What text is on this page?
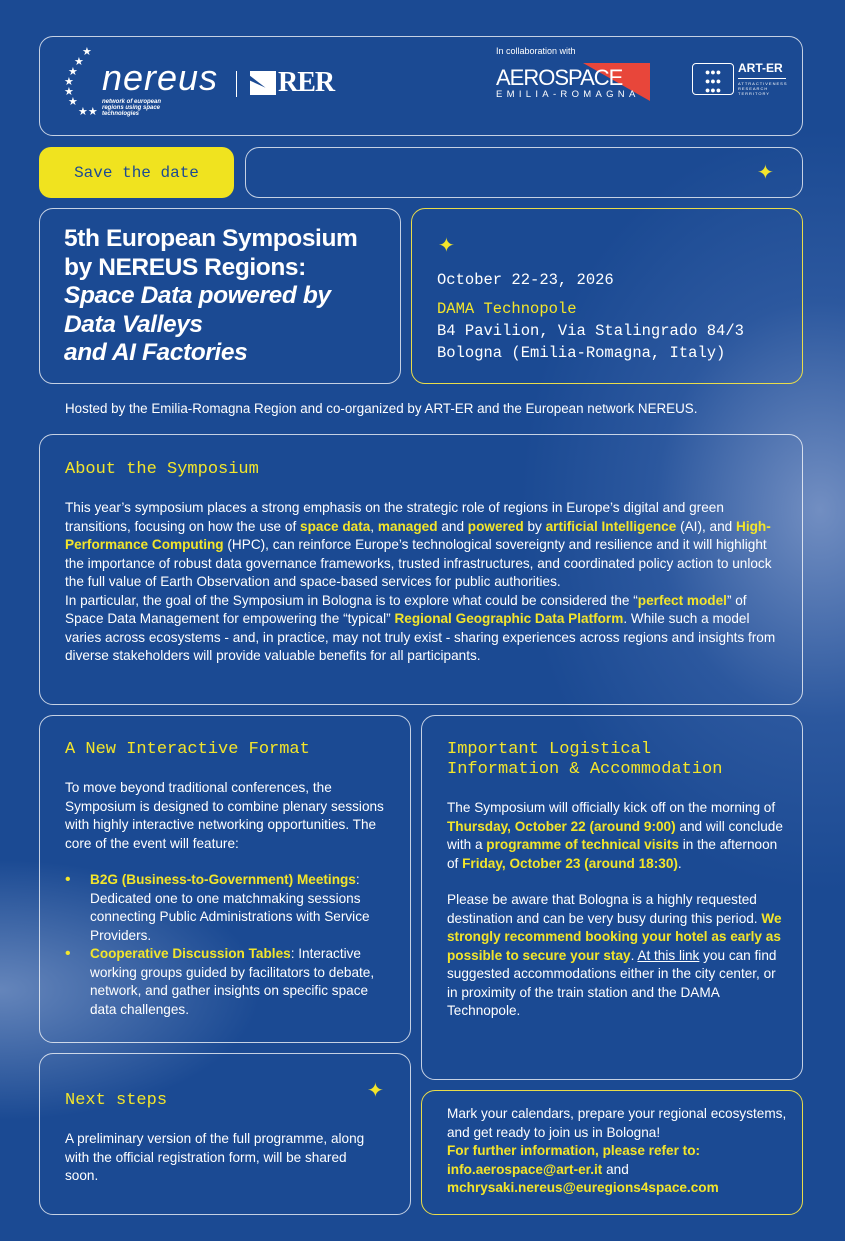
★
★
★
★
★
★
★★
nereus
network of european regions using space technologies
RER
In collaboration with
AEROSPACE
EMILIA-ROMAGNA
●●●
●●●
●●●
ART-ER
ATTRACTIVENESS RESEARCH TERRITORY
Save the date	✦
5th European Symposium
by NEREUS Regions:
Space Data powered by
Data Valleys
and AI Factories
✦
October 22-23, 2026
DAMA Technopole
B4 Pavilion, Via Stalingrado 84/3
Bologna (Emilia-Romagna, Italy)
Hosted by the Emilia-Romagna Region and co-organized by ART-ER and the European network NEREUS.
About the Symposium
This year’s symposium places a strong emphasis on the strategic role of regions in Europe’s digital and green transitions, focusing on how the use of space data, managed and powered by artificial Intelligence (AI), and High-Performance Computing (HPC), can reinforce Europe’s technological sovereignty and resilience and it will highlight the importance of robust data governance frameworks, trusted infrastructures, and coordinated policy action to unlock the full value of Earth Observation and space-based services for public authorities.
In particular, the goal of the Symposium in Bologna is to explore what could be considered the “perfect model” of Space Data Management for empowering the “typical” Regional Geographic Data Platform. While such a model varies across ecosystems - and, in practice, may not truly exist - sharing experiences across regions and insights from diverse stakeholders will provide valuable benefits for all participants.
A New Interactive Format
To move beyond traditional conferences, the Symposium is designed to combine plenary sessions with highly interactive networking opportunities. The core of the event will feature:
• B2G (Business-to-Government) Meetings: Dedicated one to one matchmaking sessions connecting Public Administrations with Service Providers.
• Cooperative Discussion Tables: Interactive working groups guided by facilitators to debate, network, and gather insights on specific space data challenges.
Important Logistical
Information & Accommodation
The Symposium will officially kick off on the morning of Thursday, October 22 (around 9:00) and will conclude with a programme of technical visits in the afternoon of Friday, October 23 (around 18:30).
Please be aware that Bologna is a highly requested destination and can be very busy during this period. We strongly recommend booking your hotel as early as possible to secure your stay. At this link you can find suggested accommodations either in the city center, or in proximity of the train station and the DAMA Technopole.
✦
Next steps
A preliminary version of the full programme, along with the official registration form, will be shared soon.
Mark your calendars, prepare your regional ecosystems, and get ready to join us in Bologna!
For further information, please refer to:
info.aerospace@art-er.it and
mchrysaki.nereus@euregions4space.com
